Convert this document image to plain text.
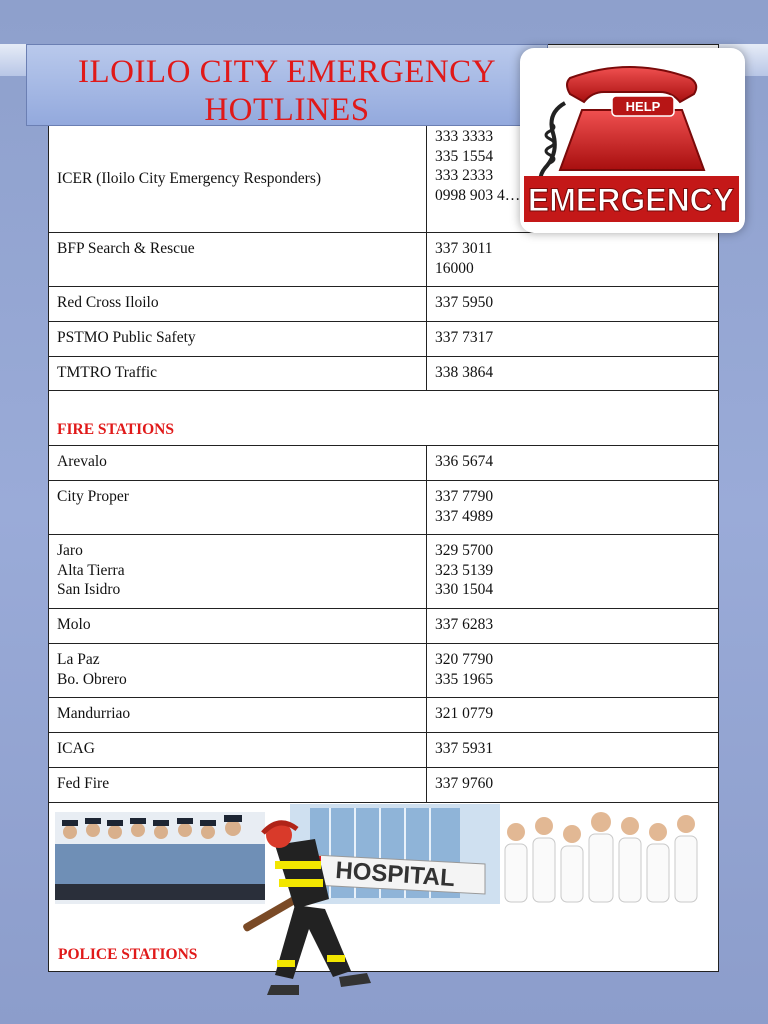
ICER (Iloilo City Emergency Responders)	333 3333
335 1554
333 2333
0998 903 4…

BFP Search & Rescue	337 3011
16000

Red Cross Iloilo	337 5950

PSTMO Public Safety	337 7317

TMTRO Traffic	338 3864

FIRE STATIONS	

Arevalo	336 5674

City Proper	337 7790
337 4989

Jaro
Alta Tierra
San Isidro	329 5700
323 5139
330 1504

Molo	337 6283

La Paz
Bo. Obrero	320 7790
335 1965

Mandurriao	321 0779

ICAG	337 5931

Fed Fire	337 9760
ILOILO CITY EMERGENCY HOTLINES	HELP
EMERGENCY
HOSPITAL
POLICE STATIONS
